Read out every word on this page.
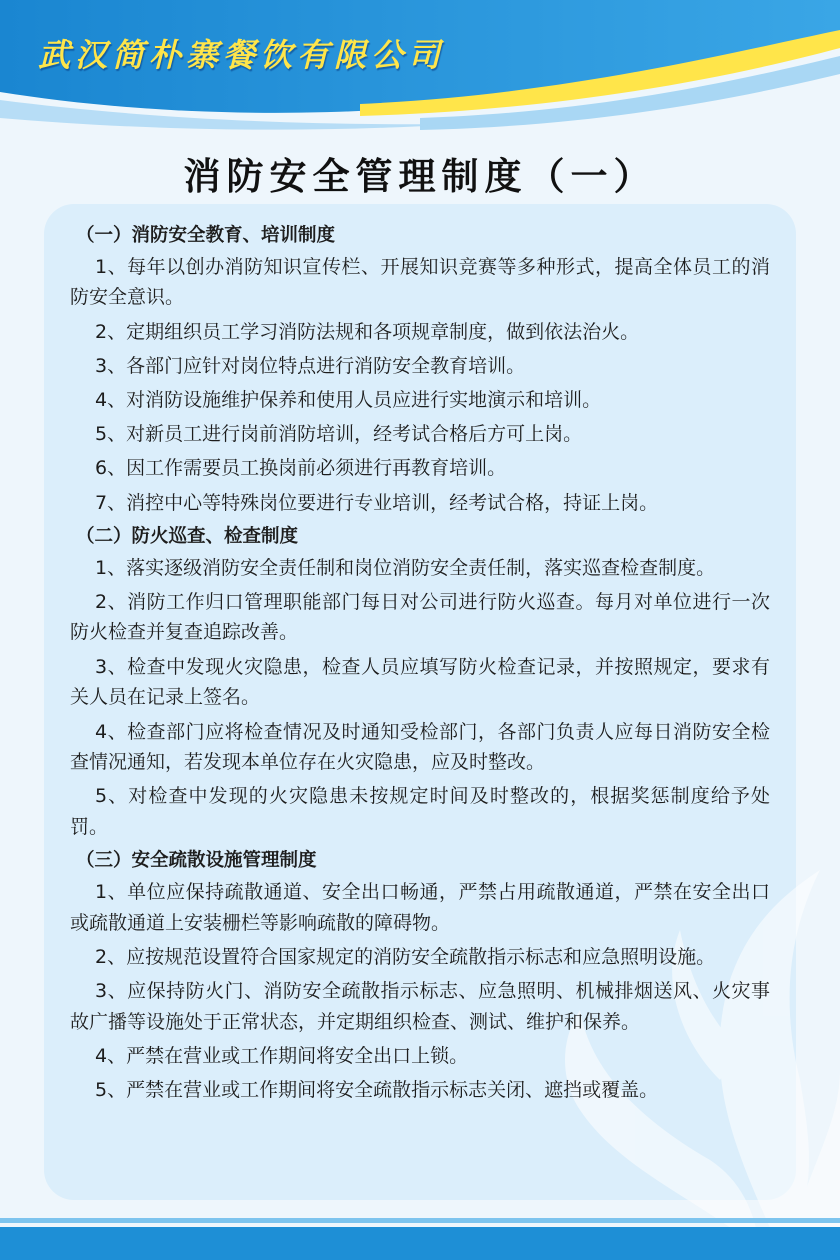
武汉简朴寨餐饮有限公司
消防安全管理制度（一）
（一）消防安全教育、培训制度
1、每年以创办消防知识宣传栏、开展知识竞赛等多种形式，提高全体员工的消防安全意识。
2、定期组织员工学习消防法规和各项规章制度，做到依法治火。
3、各部门应针对岗位特点进行消防安全教育培训。
4、对消防设施维护保养和使用人员应进行实地演示和培训。
5、对新员工进行岗前消防培训，经考试合格后方可上岗。
6、因工作需要员工换岗前必须进行再教育培训。
7、消控中心等特殊岗位要进行专业培训，经考试合格，持证上岗。
（二）防火巡查、检查制度
1、落实逐级消防安全责任制和岗位消防安全责任制，落实巡查检查制度。
2、消防工作归口管理职能部门每日对公司进行防火巡查。每月对单位进行一次防火检查并复查追踪改善。
3、检查中发现火灾隐患，检查人员应填写防火检查记录，并按照规定，要求有关人员在记录上签名。
4、检查部门应将检查情况及时通知受检部门，各部门负责人应每日消防安全检查情况通知，若发现本单位存在火灾隐患，应及时整改。
5、对检查中发现的火灾隐患未按规定时间及时整改的，根据奖惩制度给予处罚。
（三）安全疏散设施管理制度
1、单位应保持疏散通道、安全出口畅通，严禁占用疏散通道，严禁在安全出口或疏散通道上安装栅栏等影响疏散的障碍物。
2、应按规范设置符合国家规定的消防安全疏散指示标志和应急照明设施。
3、应保持防火门、消防安全疏散指示标志、应急照明、机械排烟送风、火灾事故广播等设施处于正常状态，并定期组织检查、测试、维护和保养。
4、严禁在营业或工作期间将安全出口上锁。
5、严禁在营业或工作期间将安全疏散指示标志关闭、遮挡或覆盖。
